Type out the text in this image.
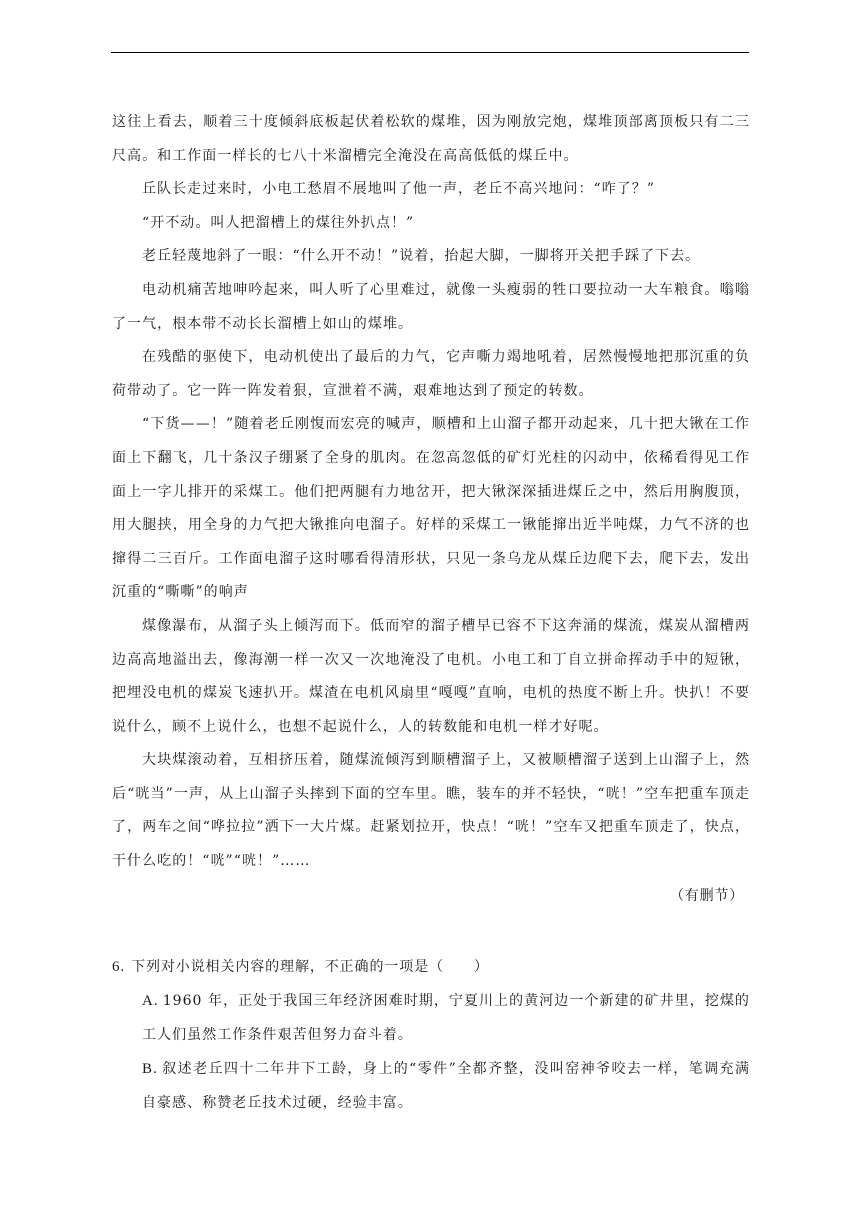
这往上看去，顺着三十度倾斜底板起伏着松软的煤堆，因为刚放完炮，煤堆顶部离顶板只有二三尺高。和工作面一样长的七八十米溜槽完全淹没在高高低低的煤丘中。

丘队长走过来时，小电工愁眉不展地叫了他一声，老丘不高兴地问：“咋了？”

“开不动。叫人把溜槽上的煤往外扒点！”

老丘轻蔑地斜了一眼：“什么开不动！”说着，抬起大脚，一脚将开关把手踩了下去。

电动机痛苦地呻吟起来，叫人听了心里难过，就像一头瘦弱的牲口要拉动一大车粮食。嗡嗡了一气，根本带不动长长溜槽上如山的煤堆。

在残酷的驱使下，电动机使出了最后的力气，它声嘶力竭地吼着，居然慢慢地把那沉重的负荷带动了。它一阵一阵发着狠，宣泄着不满，艰难地达到了预定的转数。

“下货——！”随着老丘刚愎而宏亮的喊声，顺槽和上山溜子都开动起来，几十把大锹在工作面上下翻飞，几十条汉子绷紧了全身的肌肉。在忽高忽低的矿灯光柱的闪动中，依稀看得见工作面上一字儿排开的采煤工。他们把两腿有力地岔开，把大锹深深插进煤丘之中，然后用胸腹顶，用大腿挟，用全身的力气把大锹推向电溜子。好样的采煤工一锹能撺出近半吨煤，力气不济的也撺得二三百斤。工作面电溜子这时哪看得清形状，只见一条乌龙从煤丘边爬下去，爬下去，发出沉重的“嘶嘶”的响声

煤像瀑布，从溜子头上倾泻而下。低而窄的溜子槽早已容不下这奔涌的煤流，煤炭从溜槽两边高高地溢出去，像海潮一样一次又一次地淹没了电机。小电工和丁自立拼命挥动手中的短锹，把埋没电机的煤炭飞速扒开。煤渣在电机风扇里“嘎嘎”直响，电机的热度不断上升。快扒！不要说什么，顾不上说什么，也想不起说什么，人的转数能和电机一样才好呢。

大块煤滚动着，互相挤压着，随煤流倾泻到顺槽溜子上，又被顺槽溜子送到上山溜子上，然后“咣当”一声，从上山溜子头摔到下面的空车里。瞧，装车的并不轻快，“咣！”空车把重车顶走了，两车之间“哗拉拉”洒下一大片煤。赶紧划拉开，快点！“咣！”空车又把重车顶走了，快点，干什么吃的！“咣”“咣！”……

（有删节）

6. 下列对小说相关内容的理解，不正确的一项是（ ）

A. 1960 年，正处于我国三年经济困难时期，宁夏川上的黄河边一个新建的矿井里，挖煤的工人们虽然工作条件艰苦但努力奋斗着。

B. 叙述老丘四十二年井下工龄，身上的“零件”全都齐整，没叫窑神爷咬去一样，笔调充满自豪感、称赞老丘技术过硬，经验丰富。
